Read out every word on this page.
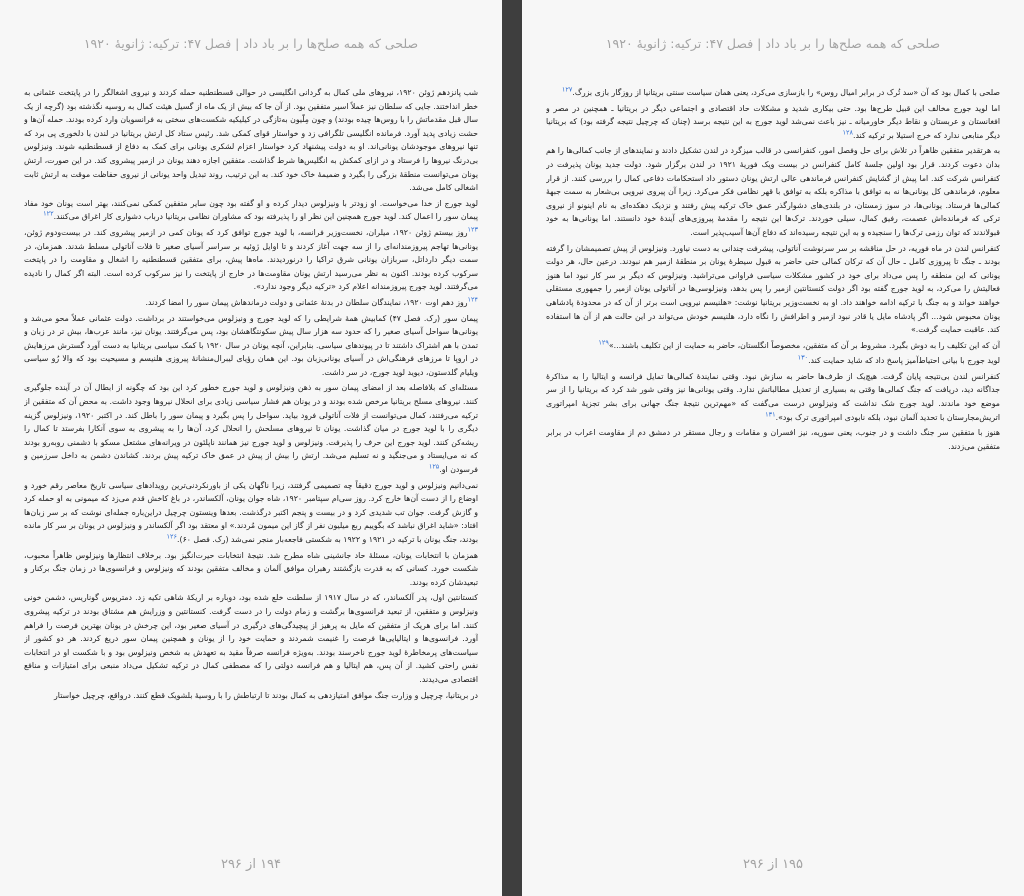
صلحی که همه صلح‌ها را بر باد داد | فصل ۴۷: ترکیه: ژانویهٔ ۱۹۲۰

شب پانزدهم ژوئن ۱۹۲۰، نیروهای ملی کمال به گردانی انگلیسی در حوالی قسطنطنیه حمله کردند و نیروی اشغالگر را در پایتخت عثمانی به خطر انداختند. جایی که سلطان نیز عملاً اسیر متفقین بود. از آن جا که بیش از یک ماه از گسیل هیئت کمال به روسیه نگذشته بود (گرچه از یک سال قبل مقدماتش را با روس‌ها چیده بودند) و چون مِلّیون به‌تازگی در کیلیکیه شکست‌های سختی به فرانسویان وارد کرده بودند. حمله آن‌ها و حشت زیادی پدید آورد. فرمانده انگلیسی تلگرافی زد و خواستار قوای کمکی شد. رئیس ستاد کل ارتش بریتانیا در لندن با دلخوری پی برد که تنها نیروهای موجودشان یونانی‌اند. او به دولت پیشنهاد کرد خواستار اعزام لشکری یونانی برای کمک به دفاع از قسطنطنیه شوند. ونیزلوس بی‌درنگ نیروها را فرستاد و در ازای کمکش به انگلیس‌ها شرط گذاشت. متفقین اجازه دهند یونان در ازمیر پیشروی کند. در این صورت، ارتش یونان می‌توانست منطقهٔ بزرگی را بگیرد و ضمیمهٔ خاک خود کند. به این ترتیب، روند تبدیل واحد یونانی از نیروی حفاظت موقت به ارتش ثابت اشغالی کامل می‌شد.

لوید جورج از خدا می‌خواست. او زودتر با ونیزلوس دیدار کرده و او گفته بود چون سایر متفقین کمکی نمی‌کنند، بهتر است یونان خود مفاد پیمان سور را اعمال کند. لوید جورج همچنین این نظر او را پذیرفته بود که مشاوران نظامی بریتانیا درباب دشواری کار اغراق می‌کنند.$^{۱۲۲}$

$^{۱۲۳}$روز بیستم ژوئن ۱۹۲۰، میلران، نخست‌وزیر فرانسه، با لوید جورج توافق کرد که یونان کمی در ازمیر پیشروی کند. در بیست‌ودوم ژوئن، یونانی‌ها تهاجم پیروزمندانه‌ای را از سه جهت آغاز کردند و تا اوایل ژوئیه بر سراسر آسیای صغیر تا فلات آناتولی مسلط شدند. همزمان، در سمت دیگر دارداتل، سربازان یونانی شرق تراکیا را درنوردیدند. ماه‌ها پیش، برای متفقین قسطنطنیه را اشغال و مقاومت را در پایتخت سرکوب کرده بودند. اکنون به نظر می‌رسید ارتش یونان مقاومت‌ها در خارج از پایتخت را نیز سرکوب کرده است. البته اگر کمال را نادیده می‌گرفتند. لوید جورج پیروزمندانه اعلام کرد «ترکیه دیگر وجود ندارد».

$^{۱۲۴}$روز دهم اوت ۱۹۲۰، نمایندگان سلطان در بدنهٔ عثمانی و دولت درماندهاش پیمان سور را امضا کردند.

پیمان سور (رک. فصل ۴۷) کمابیش همهٔ شرایطی را که لوید جورج و ونیزلوس می‌خواستند در برداشت. دولت عثمانی عملاً محو می‌شد و یونانی‌ها سواحل آسیای صغیر را که حدود سه هزار سال پیش سکونتگاهشان بود، پس می‌گرفتند. یونان نیز، مانند عرب‌ها، بیش تر در زبان و تمدن با هم اشتراک داشتند تا در پیوندهای سیاسی. بنابراین، آنچه یونان در سال ۱۹۲۰ با کمک سیاسی بریتانیا به دست آورد گسترش مرزهایش در اروپا تا مرزهای فرهنگی‌اش در آسیای یونانی‌زبان بود. این همان رؤیای لیبرال‌منشانهٔ پیروزی هلنیسم و مسیحیت بود که والا رُو سیاسی ویلیام گلدستون، دیوید لوید جورج، در سر داشت.

مسئله‌ای که بلافاصله بعد از امضای پیمان سور به ذهن ونیزلوس و لوید جورج خطور کرد این بود که چگونه از ابطال آن در آینده جلوگیری کنند. نیروهای مسلح بریتانیا مرخص شده بودند و در یونان هم فشار سیاسی زیادی برای انحلال نیروها وجود داشت. به محض آن که متفقین از ترکیه می‌رفتند، کمال می‌توانست از فلات آناتولی فرود بیاید. سواحل را پس بگیرد و پیمان سور را باطل کند. در اکتبر ۱۹۲۰، ونیزلوس گزینه دیگری را با لوید جورج در میان گذاشت. یونان تا نیروهای مسلحش را انحلال کرد، آن‌ها را به پیشروی به سوی آنکارا بفرستد تا کمال را ریشه‌کن کنند. لوید جورج این حرف را پذیرفت. ونیزلوس و لوید جورج نیز همانند ناپلئون در ویرانه‌های مشتعل مسکو با دشمنی روبه‌رو بودند که نه می‌ایستاد و می‌جنگید و نه تسلیم می‌شد. ارتش را بیش از پیش در عمق خاک ترکیه پیش بردند. کشاندن دشمن به داخل سرزمین و فرسودن او.$^{۱۲۵}$

نمی‌دانیم ونیزلوس و لوید جورج دقیقاً چه تصمیمی گرفتند، زیرا ناگهان یکی از باورنکردنی‌ترین رویدادهای سیاسی تاریخ معاصر رقم خورد و اوضاع را از دست آن‌ها خارج کرد. روز سی‌ام سپتامبر ۱۹۲۰، شاه جوان یونان، آلکساندر، در باغ کاخش قدم می‌زد که میمونی به او حمله کرد و گازش گرفت. جوان تب شدیدی کرد و در بیست و پنجم اکتبر درگذشت. بعدها وینستون چرچیل دراین‌باره جمله‌ای نوشت که بر سر زبان‌ها افتاد: «شاید اغراق نباشد که بگوییم ربع میلیون نفر از گاز این میمون مُردند.» او معتقد بود اگر آلکساندر و ونیزلوس در یونان بر سر کار مانده بودند، جنگ یونان با ترکیه در ۱۹۲۱ و ۱۹۲۲ به شکستی فاجعه‌بار منجر نمی‌شد (رک. فصل ۶۰).$^{۱۲۶}$

همزمان با انتخابات یونان، مسئلهٔ حاد جانشینی شاه مطرح شد. نتیجهٔ انتخابات حیرت‌انگیز بود. برخلاف انتظارها ونیزلوس ظاهراً محبوب، شکست خورد. کسانی که به قدرت بازگشتند رهبران موافق آلمان و مخالف متفقین بودند که ونیزلوس و فرانسوی‌ها در زمان جنگ برکنار و تبعیدشان کرده بودند.

کنستانتین اول، پدر آلکساندر، که در سال ۱۹۱۷ از سلطنت خلع شده بود، دوباره بر اریکهٔ شاهی تکیه زد. دمتریوس گوناریس، دشمن خونی ونیزلوس و متفقین، از تبعید فرانسوی‌ها برگشت و زمام دولت را در دست گرفت. کنستانتین و وزرایش هم مشتاق بودند در ترکیه پیشروی کنند. اما برای هریک از متفقین که مایل به پرهیز از پیچیدگی‌های درگیری در آسیای صغیر بود، این چرخش در یونان بهترین فرصت را فراهم آورد. فرانسوی‌ها و ایتالیایی‌ها فرصت را غنیمت شمردند و حمایت خود را از یونان و همچنین پیمان سور دریغ کردند. هر دو کشور از سیاست‌های پرمخاطرهٔ لوید جورج ناخرسند بودند. به‌ویژه فرانسه صرفاً مقید به تعهدش به شخص ونیزلوس بود و با شکست او در انتخابات نفس راحتی کشید. از آن پس، هم ایتالیا و هم فرانسه دولتی را که مصطفی کمال در ترکیه تشکیل می‌داد منبعی برای امتیازات و منافع اقتصادی می‌دیدند.

در بریتانیا، چرچیل و وزارت جنگ موافق امتیازدهی به کمال بودند تا ارتباطش را با روسیهٔ بلشویک قطع کنند. درواقع، چرچیل خواستار

۱۹۴ از ۲۹۶
صلحی که همه صلح‌ها را بر باد داد | فصل ۴۷: ترکیه: ژانویهٔ ۱۹۲۰

صلحی با کمال بود که آن «سد تُرک در برابر امیال روس» را بازسازی می‌کرد، یعنی همان سیاست سنتی بریتانیا از روزگار بازی بزرگ.$^{۱۲۷}$

اما لوید جورج مخالف این قبیل طرح‌ها بود. حتی بیکاری شدید و مشکلات حاد اقتصادی و اجتماعی دیگر در بریتانیا ـ همچنین در مصر و افغانستان و عربستان و نقاط دیگر خاورمیانه ـ نیز باعث نمی‌شد لوید جورج به این نتیجه برسد (چنان که چرچیل نتیجه گرفته بود) که بریتانیا دیگر منابعی ندارد که خرج استیلا بر ترکیه کند.$^{۱۲۸}$

به هرتقدیر متفقین ظاهراً در تلاش برای حل وفصل امور، کنفرانسی در قالب میزگرد در لندن تشکیل دادند و نمایندهای از جانب کمالی‌ها را هم بدان دعوت کردند. قرار بود اولین جلسهٔ کامل کنفرانس در بیست ویک فوریهٔ ۱۹۲۱ در لندن برگزار شود. دولت جدید یونان پذیرفت در کنفرانس شرکت کند. اما پیش از گشایش کنفرانس فرماندهی عالی ارتش یونان دستور داد استحکامات دفاعی کمال را بررسی کنند. از قرار معلوم، فرماندهی کل یونانی‌ها نه به توافق با مذاکره بلکه به توافق با قهر نظامی فکر می‌کرد. زیرا آن پیروی نیرویی بی‌شعار به سمت جبههٔ کمالی‌ها فرستاد. یونانی‌ها، در سوز زمستان، در بلندی‌های دشوارگذر عمق خاک ترکیه پیش رفتند و نزدیک دهکده‌ای به نام اینونو از نیروی ترکی که فرمانده‌اش عصمت، رفیق کمال، سیلی خوردند. ترک‌ها این نتیجه را مقدمهٔ پیروزی‌های آیندهٔ خود دانستند. اما یونانی‌ها به خود قبولاندند که توان رزمی ترک‌ها را سنجیده و به این نتیجه رسیده‌اند که دفاع آن‌ها آسیب‌پذیر است.

کنفرانس لندن در ماه فوریه، در حل مناقشه بر سر سرنوشت آناتولی، پیشرفت چندانی به دست نیاورد. ونیزلوس از پیش تصمیمشان را گرفته بودند ـ جنگ تا پیروزی کامل ـ حال آن که ترکان کمالی حتی حاضر به قبول سیطرهٔ یونان بر منطقهٔ ازمیر هم نبودند. درعین حال، هر دولت یونانی که این منطقه را پس می‌داد برای خود در کشور مشکلات سیاسی فراوانی می‌تراشید. ونیزلوس که دیگر بر سر کار نبود اما هنوز فعالیتش را می‌کرد، به لوید جورج گفته بود اگر دولت کنستانتین ازمیر را پس بدهد، ونیزلوسی‌ها در آناتولی یونان ازمیر را جمهوری مستقلی خواهند خواند و به جنگ با ترکیه ادامه خواهند داد. او به نخست‌وزیر بریتانیا نوشت: «هلنیسم نیرویی است برتر از آن که در محدودهٔ پادشاهی یونان محبوس شود... اگر پادشاه مایل یا قادر نبود ازمیر و اطرافش را نگاه دارد، هلنیسم خودش می‌تواند در این حالت هم از آن ها استفاده کند. عاقبت حمایت گرفت.»

آن که این تکلیف را به دوش بگیرد. مشروط بر آن که متفقین، مخصوصاً انگلستان، حاضر به حمایت از این تکلیف باشند...»$^{۱۲۹}$

لوید جورج با بیانی احتیاط‌آمیز پاسخ داد که شاید حمایت کند.$^{۱۳۰}$

کنفرانس لندن بی‌نتیجه پایان گرفت. هیچ‌یک از طرف‌ها حاضر به سازش نبود. وقتی نمایندهٔ کمالی‌ها تمایل فرانسه و ایتالیا را به مذاکرهٔ جداگانه دید، دریافت که جنگ کمالی‌ها وقتی به بسیاری از تعدیل مطالباتش ندارد. وقتی یونانی‌ها نیز وقتی شور شد کرد که بریتانیا را از سر موضع خود ماندند. لوید جورج شک نداشت که ونیزلوس درست می‌گفت که «مهم‌ترین نتیجهٔ جنگ جهانی برای بشر تجزیهٔ امپراتوری اتریش‌مجارستان با تحدید آلمان نبود، بلکه نابودی امپراتوری ترک بود».$^{۱۳۱}$

هنوز با متفقین سر جنگ داشت و در جنوب، یعنی سوریه، نیز افسران و مقامات و رجال مستقر در دمشق دم از مقاومت اعراب در برابر متفقین می‌زدند.

۱۹۵ از ۲۹۶
